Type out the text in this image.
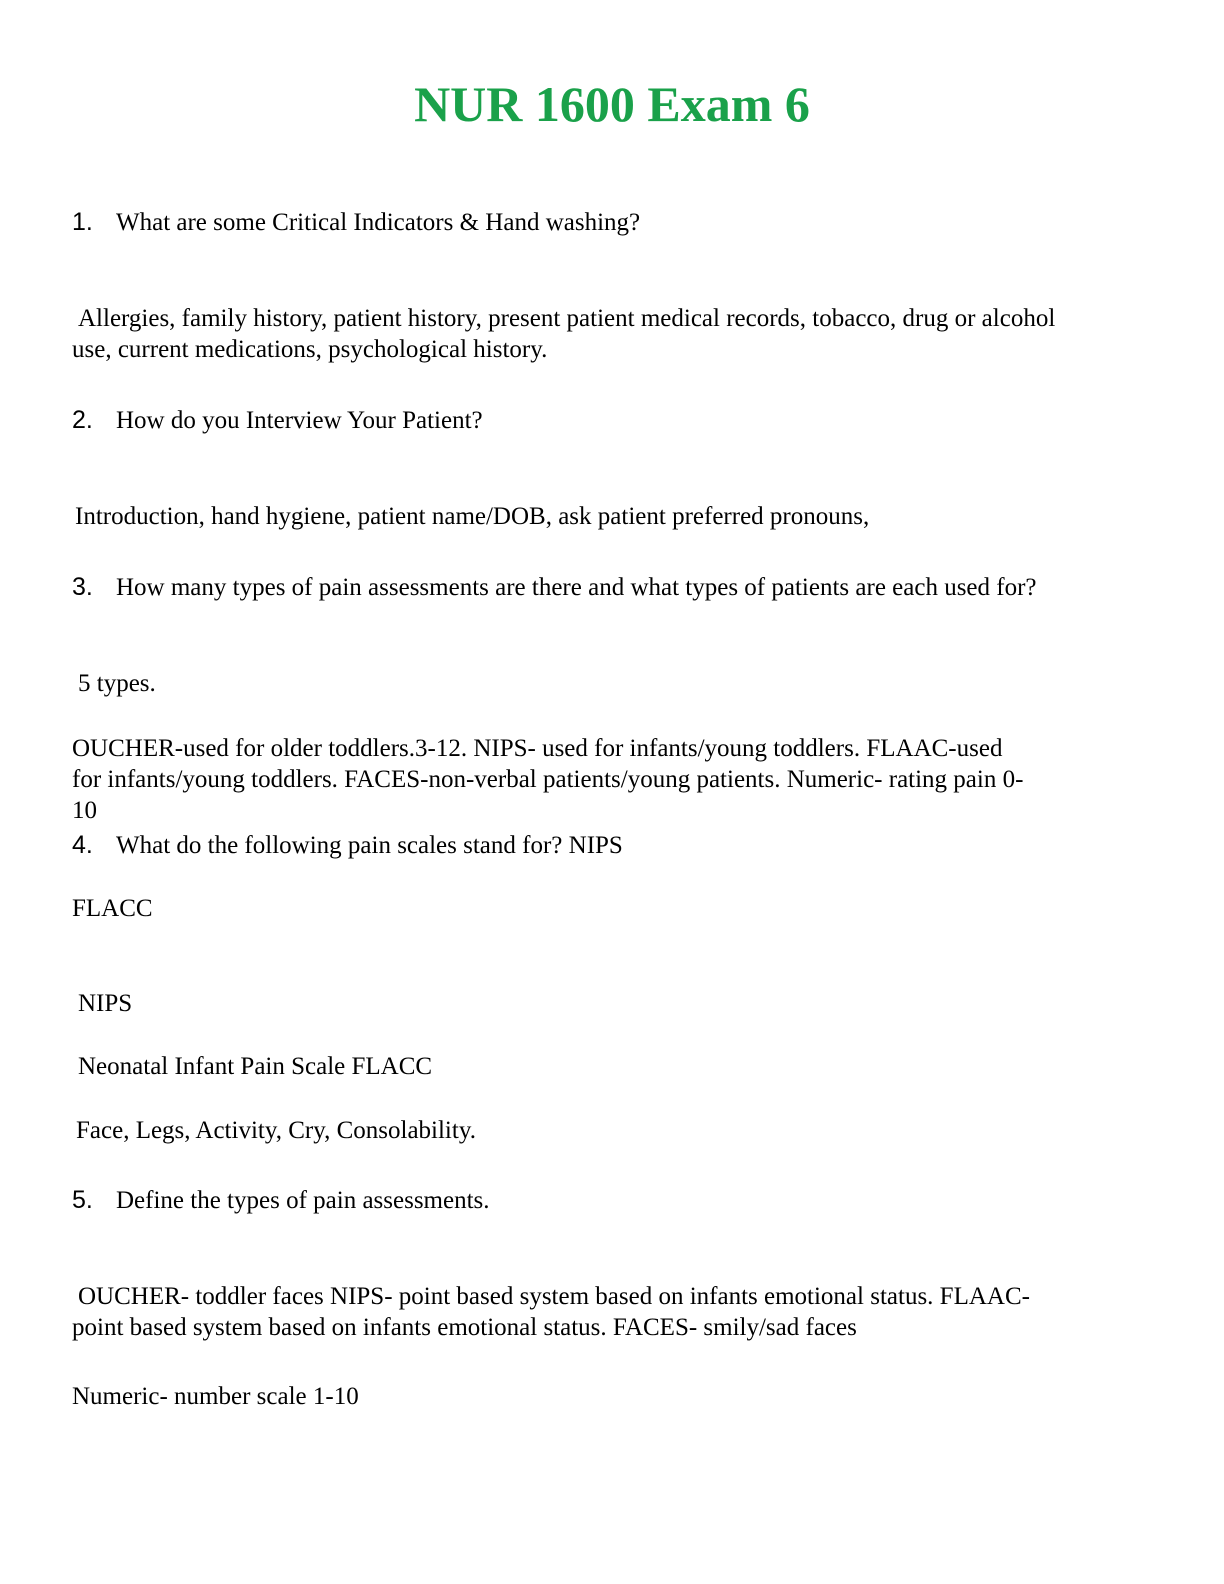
NUR 1600 Exam 6
1. What are some Critical Indicators & Hand washing?
Allergies, family history, patient history, present patient medical records, tobacco, drug or alcohol
use, current medications, psychological history.
2. How do you Interview Your Patient?
Introduction, hand hygiene, patient name/DOB, ask patient preferred pronouns,
3. How many types of pain assessments are there and what types of patients are each used for?
5 types.
OUCHER-used for older toddlers.3-12. NIPS- used for infants/young toddlers. FLAAC-used
for infants/young toddlers. FACES-non-verbal patients/young patients. Numeric- rating pain 0-
10
4. What do the following pain scales stand for? NIPS
FLACC
NIPS
Neonatal Infant Pain Scale FLACC
Face, Legs, Activity, Cry, Consolability.
5. Define the types of pain assessments.
OUCHER- toddler faces NIPS- point based system based on infants emotional status. FLAAC-
point based system based on infants emotional status. FACES- smily/sad faces
Numeric- number scale 1-10
